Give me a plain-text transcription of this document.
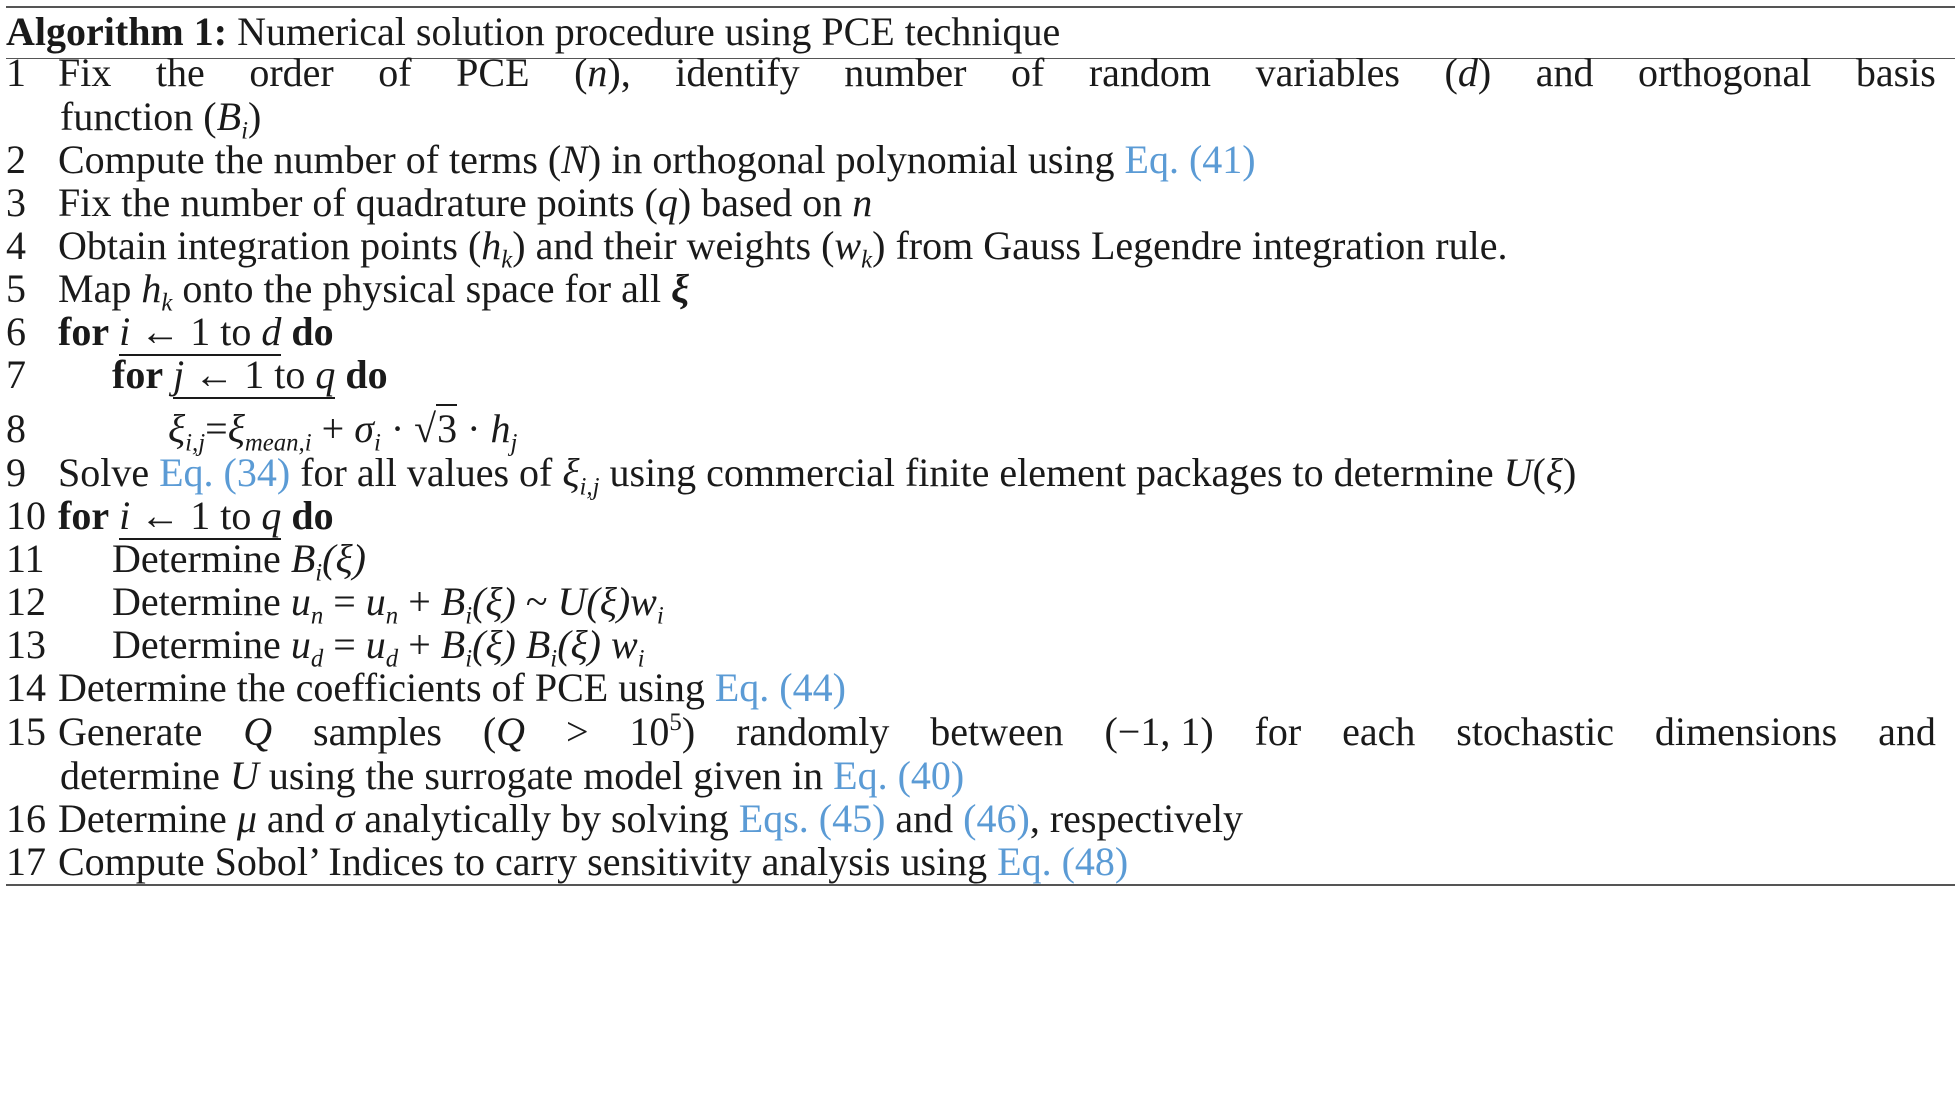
Algorithm 1: Numerical solution procedure using PCE technique
1 Fix the order of PCE (n), identify number of random variables (d) and orthogonal basis
function $(B_i)$
2 Compute the number of terms (N) in orthogonal polynomial using Eq. (41)
3 Fix the number of quadrature points (q) based on n
4 Obtain integration points $(h_k)$ and their weights $(w_k)$ from Gauss Legendre integration rule.
5 Map $h_k$ onto the physical space for all ξ
6 for i ← 1 to d do
7	for j ← 1 to q do
8	$\xi_{i,j}=\xi_{mean,i} + \sigma_i \cdot √3 \cdot h_j$
9 Solve Eq. (34) for all values of $\xi_{i,j}$ using commercial finite element packages to determine U(ξ)
10 for i ← 1 to q do
11	Determine $B_i(\xi)$
12	Determine $u_n = u_n + B_i(\xi)$ ~ $U(\xi)w_i$
13	Determine $u_d = u_d + B_i(\xi)$ $B_i(\xi)$ $w_i$
14 Determine the coefficients of PCE using Eq. (44)
15 Generate Q samples $(Q > 10^5)$ randomly between (−1, 1) for each stochastic dimensions and
determine U using the surrogate model given in Eq. (40)
16 Determine μ and σ analytically by solving Eqs. (45) and (46), respectively
17 Compute Sobol’ Indices to carry sensitivity analysis using Eq. (48)
